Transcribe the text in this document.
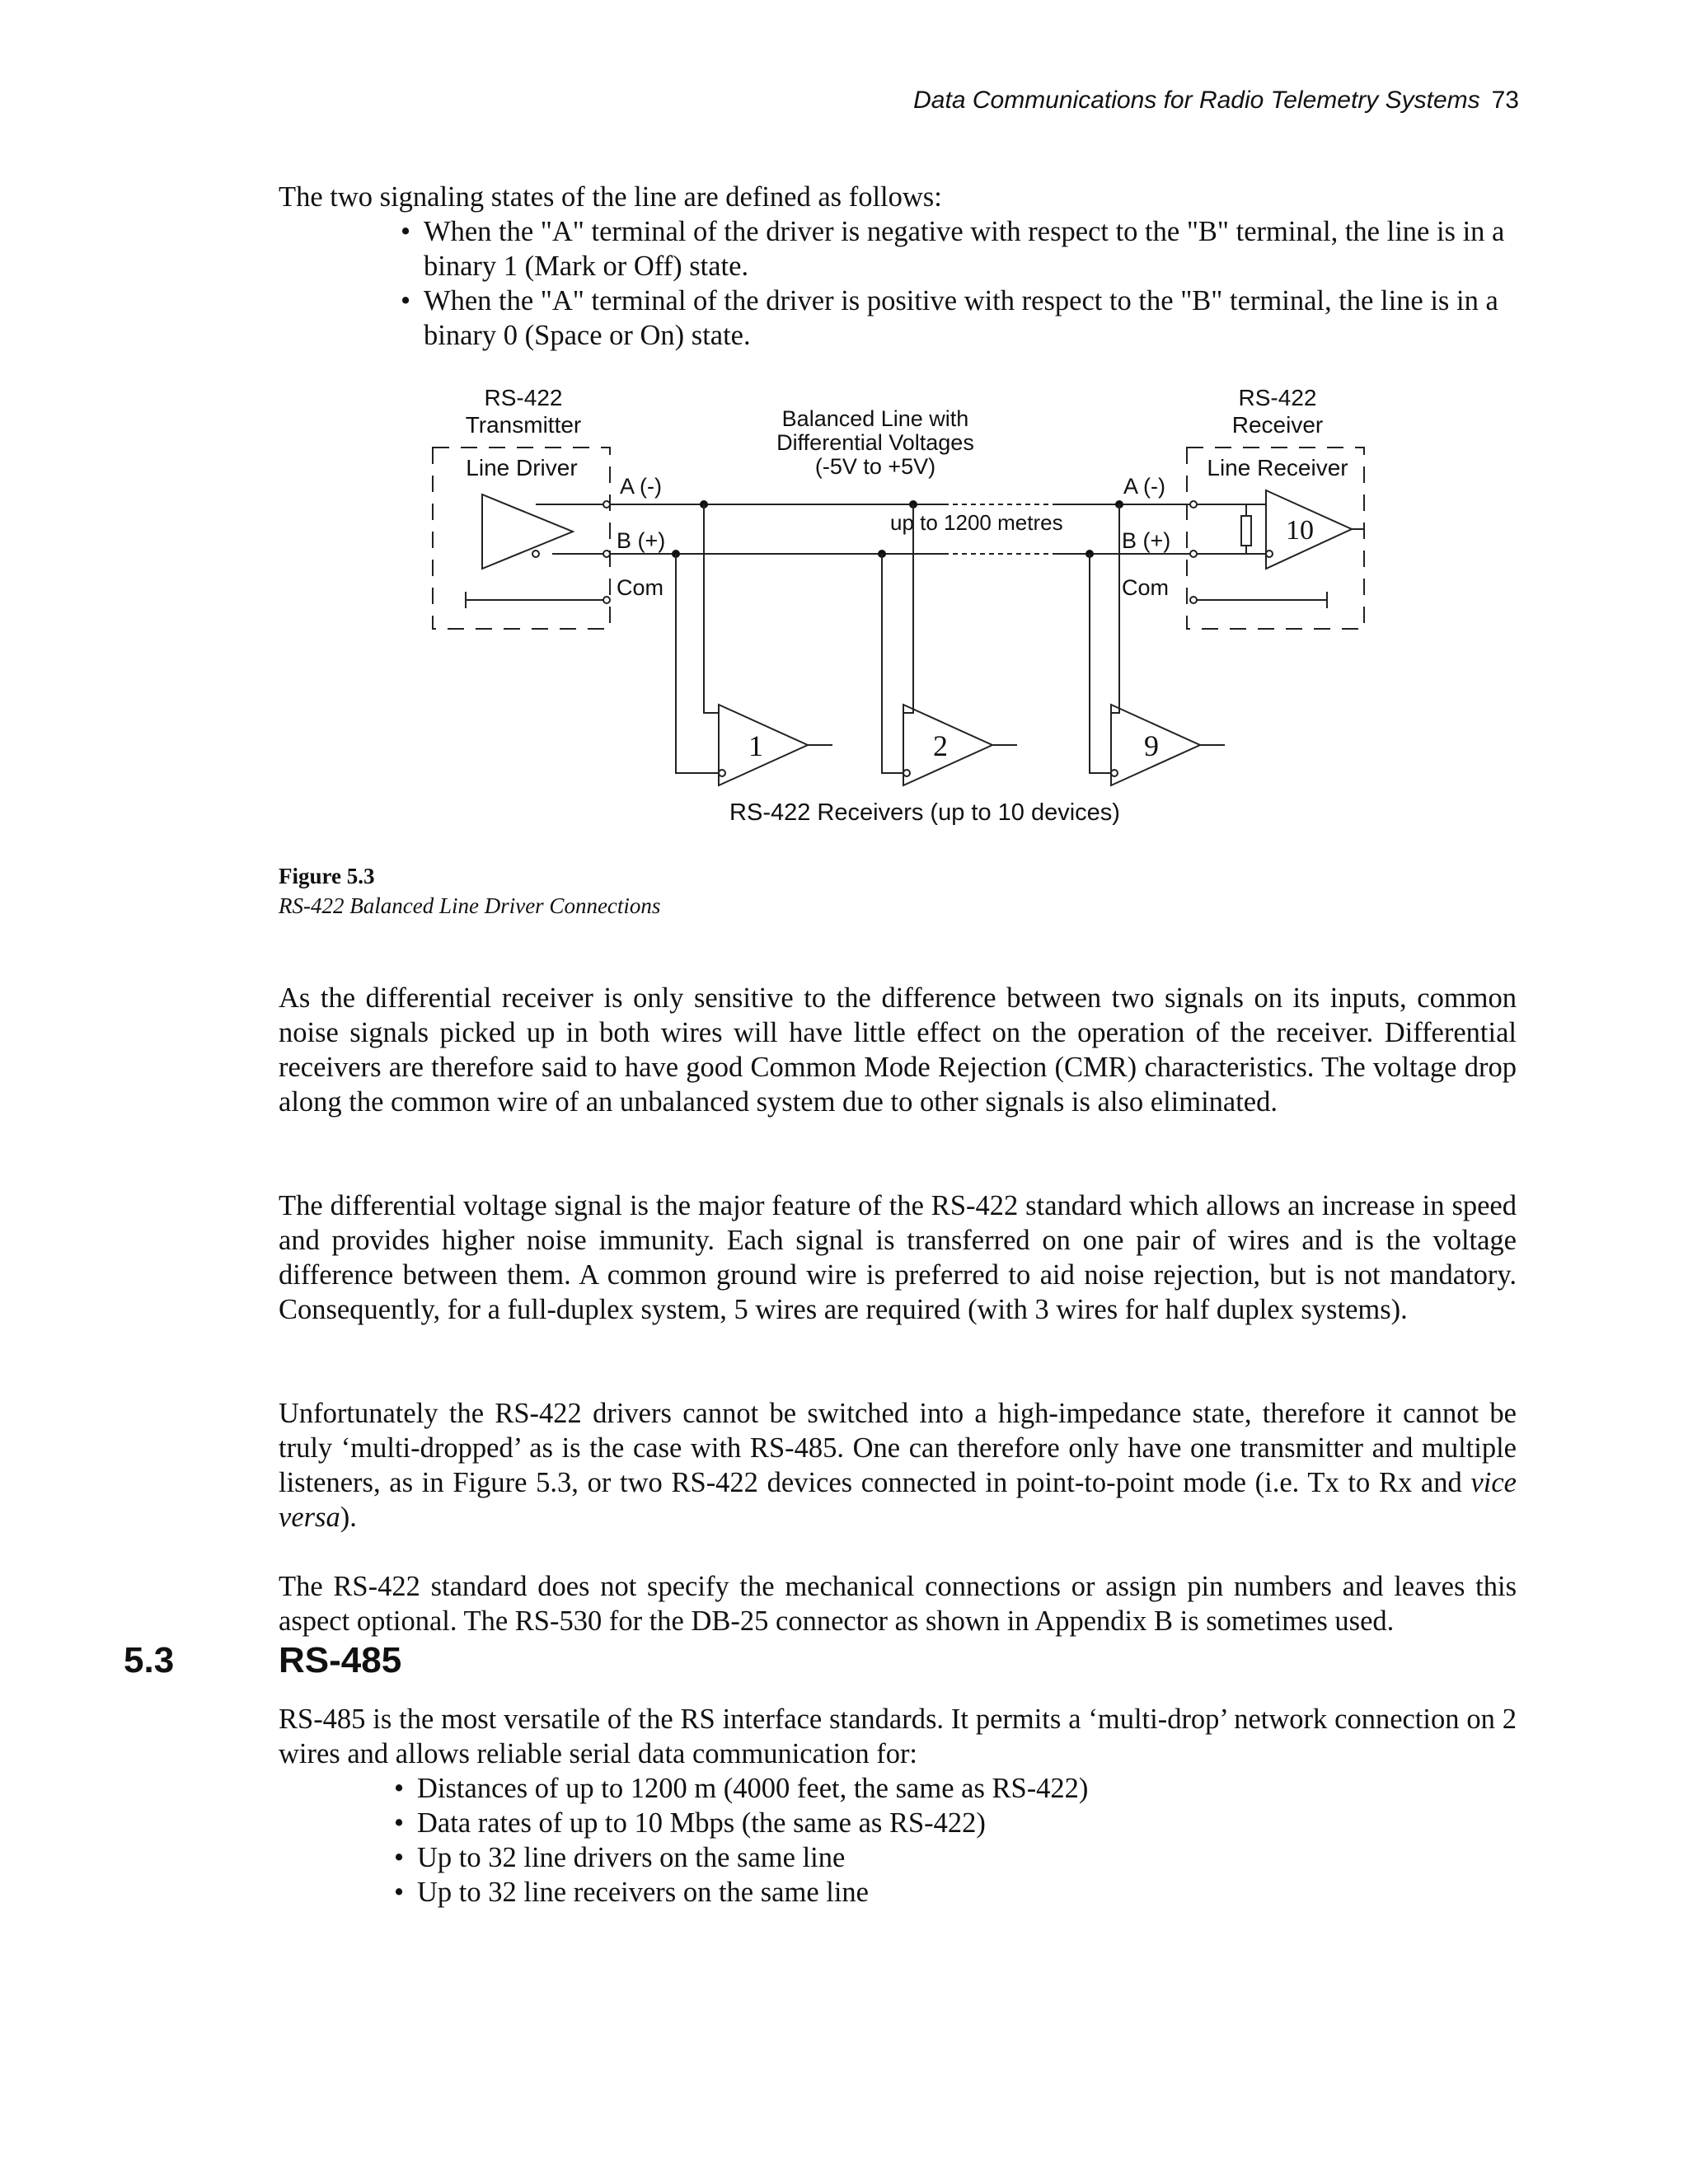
Data Communications for Radio Telemetry Systems 73

The two signaling states of the line are defined as follows:

• When the "A" terminal of the driver is negative with respect to the "B" terminal, the line is in a binary 1 (Mark or Off) state.
• When the "A" terminal of the driver is positive with respect to the "B" terminal, the line is in a binary 0 (Space or On) state.
RS-422
Transmitter
Line Driver
Balanced Line with
Differential Voltages
(-5V to +5V)
RS-422
Receiver
Line Receiver
A (-)
B (+)
Com
A (-)
B (+)
Com
up to 1200 metres
1	2	9
10
RS-422 Receivers (up to 10 devices)
Figure 5.3
RS-422 Balanced Line Driver Connections

As the differential receiver is only sensitive to the difference between two signals on its inputs, common noise signals picked up in both wires will have little effect on the operation of the receiver. Differential receivers are therefore said to have good Common Mode Rejection (CMR) characteristics. The voltage drop along the common wire of an unbalanced system due to other signals is also eliminated.

The differential voltage signal is the major feature of the RS-422 standard which allows an increase in speed and provides higher noise immunity. Each signal is transferred on one pair of wires and is the voltage difference between them. A common ground wire is preferred to aid noise rejection, but is not mandatory. Consequently, for a full-duplex system, 5 wires are required (with 3 wires for half duplex systems).

Unfortunately the RS-422 drivers cannot be switched into a high-impedance state, therefore it cannot be truly ‘multi-dropped’ as is the case with RS-485. One can therefore only have one transmitter and multiple listeners, as in Figure 5.3, or two RS-422 devices connected in point-to-point mode (i.e. Tx to Rx and vice versa).

The RS-422 standard does not specify the mechanical connections or assign pin numbers and leaves this aspect optional. The RS-530 for the DB-25 connector as shown in Appendix B is sometimes used.

5.3	RS-485

RS-485 is the most versatile of the RS interface standards. It permits a ‘multi-drop’ network connection on 2 wires and allows reliable serial data communication for:

• Distances of up to 1200 m (4000 feet, the same as RS-422)
• Data rates of up to 10 Mbps (the same as RS-422)
• Up to 32 line drivers on the same line
• Up to 32 line receivers on the same line
